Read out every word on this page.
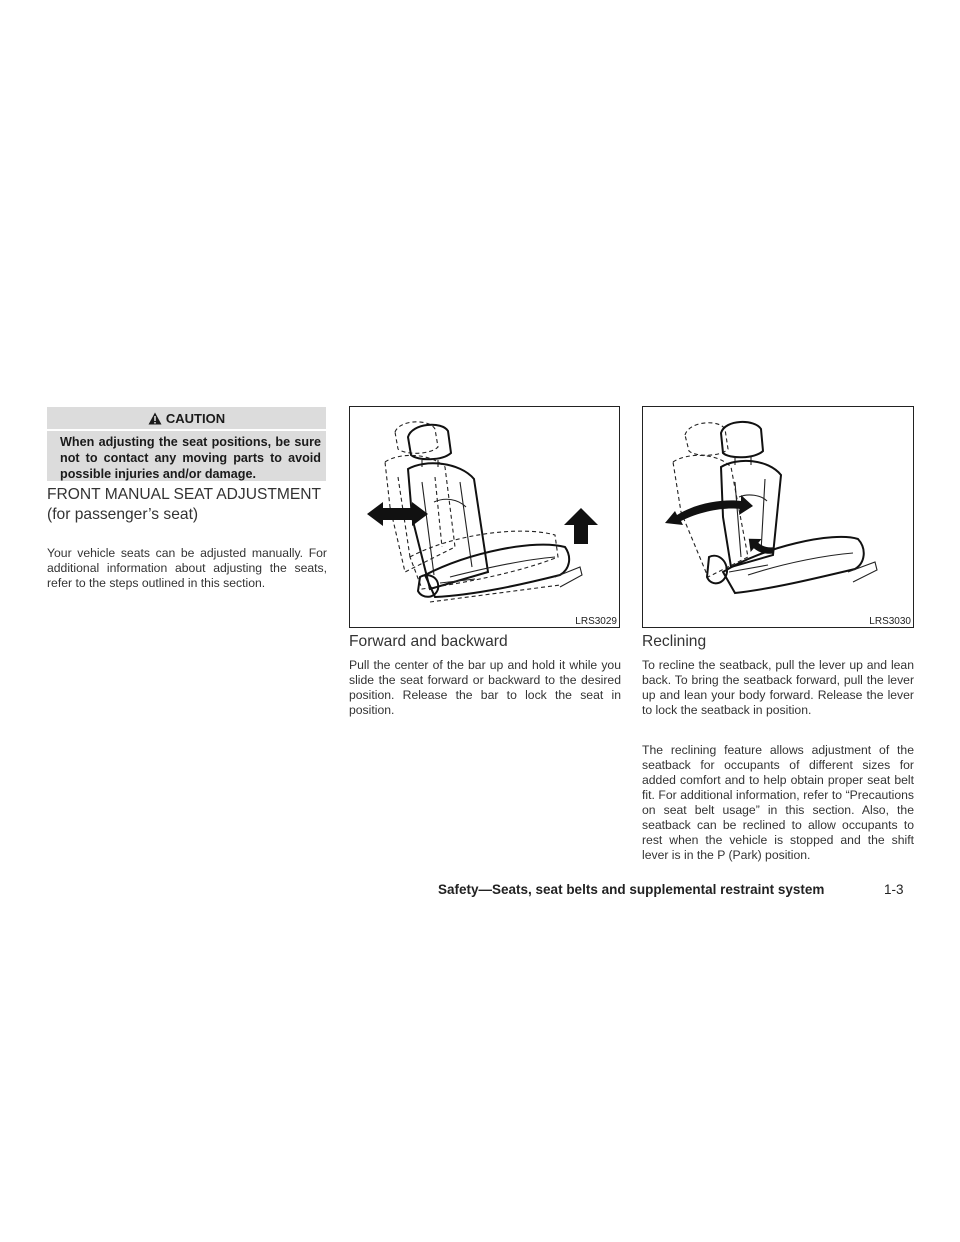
CAUTION
When adjusting the seat positions, be sure not to contact any moving parts to avoid possible injuries and/or damage.
FRONT MANUAL SEAT ADJUSTMENT (for passenger’s seat)

Your vehicle seats can be adjusted manually. For additional information about adjusting the seats, refer to the steps outlined in this section.

LRS3029	LRS3030
Forward and backward

Pull the center of the bar up and hold it while you slide the seat forward or backward to the desired position. Release the bar to lock the seat in position.

Reclining

To recline the seatback, pull the lever up and lean back. To bring the seatback forward, pull the lever up and lean your body forward. Release the lever to lock the seatback in position.

The reclining feature allows adjustment of the seatback for occupants of different sizes for added comfort and to help obtain proper seat belt fit. For additional information, refer to “Precautions on seat belt usage” in this section. Also, the seatback can be reclined to allow occupants to rest when the vehicle is stopped and the shift lever is in the P (Park) position.

Safety—Seats, seat belts and supplemental restraint system	1-3
